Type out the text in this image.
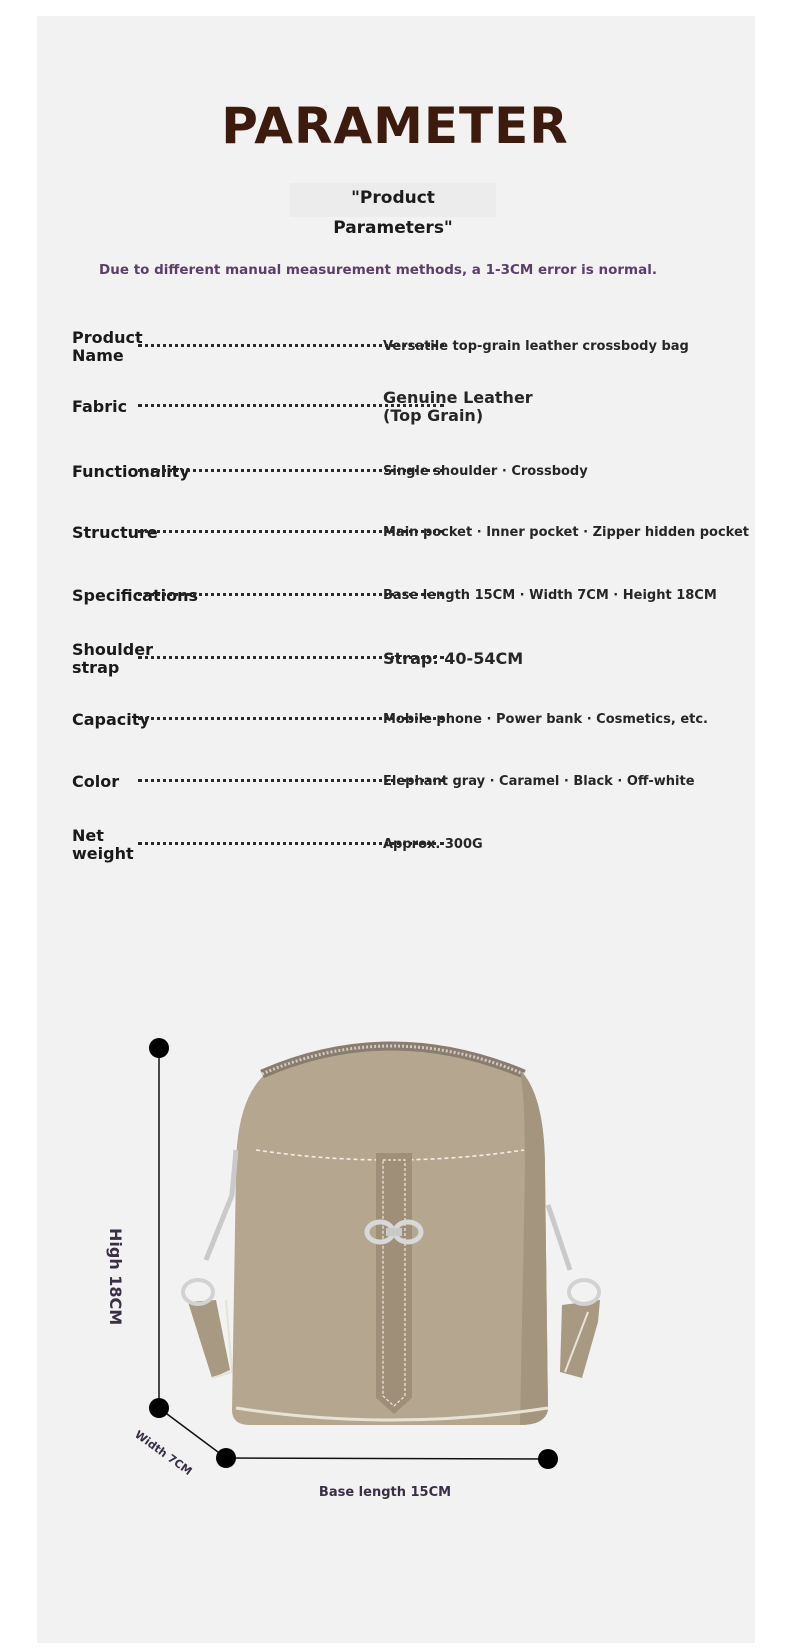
PARAMETER
"Product Parameters"
Due to different manual measurement methods, a 1-3CM error is normal.
Product
Name	Versatile top-grain leather crossbody bag
Fabric	Genuine Leather
(Top Grain)
Functionality	Single shoulder · Crossbody
Structure	Main pocket · Inner pocket · Zipper hidden pocket
Specifications	Base length 15CM · Width 7CM · Height 18CM
Shoulder
strap	Strap: 40-54CM
Capacity	Mobile phone · Power bank · Cosmetics, etc.
Color	Elephant gray · Caramel · Black · Off-white
Net
weight	Approx. 300G
High 18CM
Width 7CM
Base length 15CM
